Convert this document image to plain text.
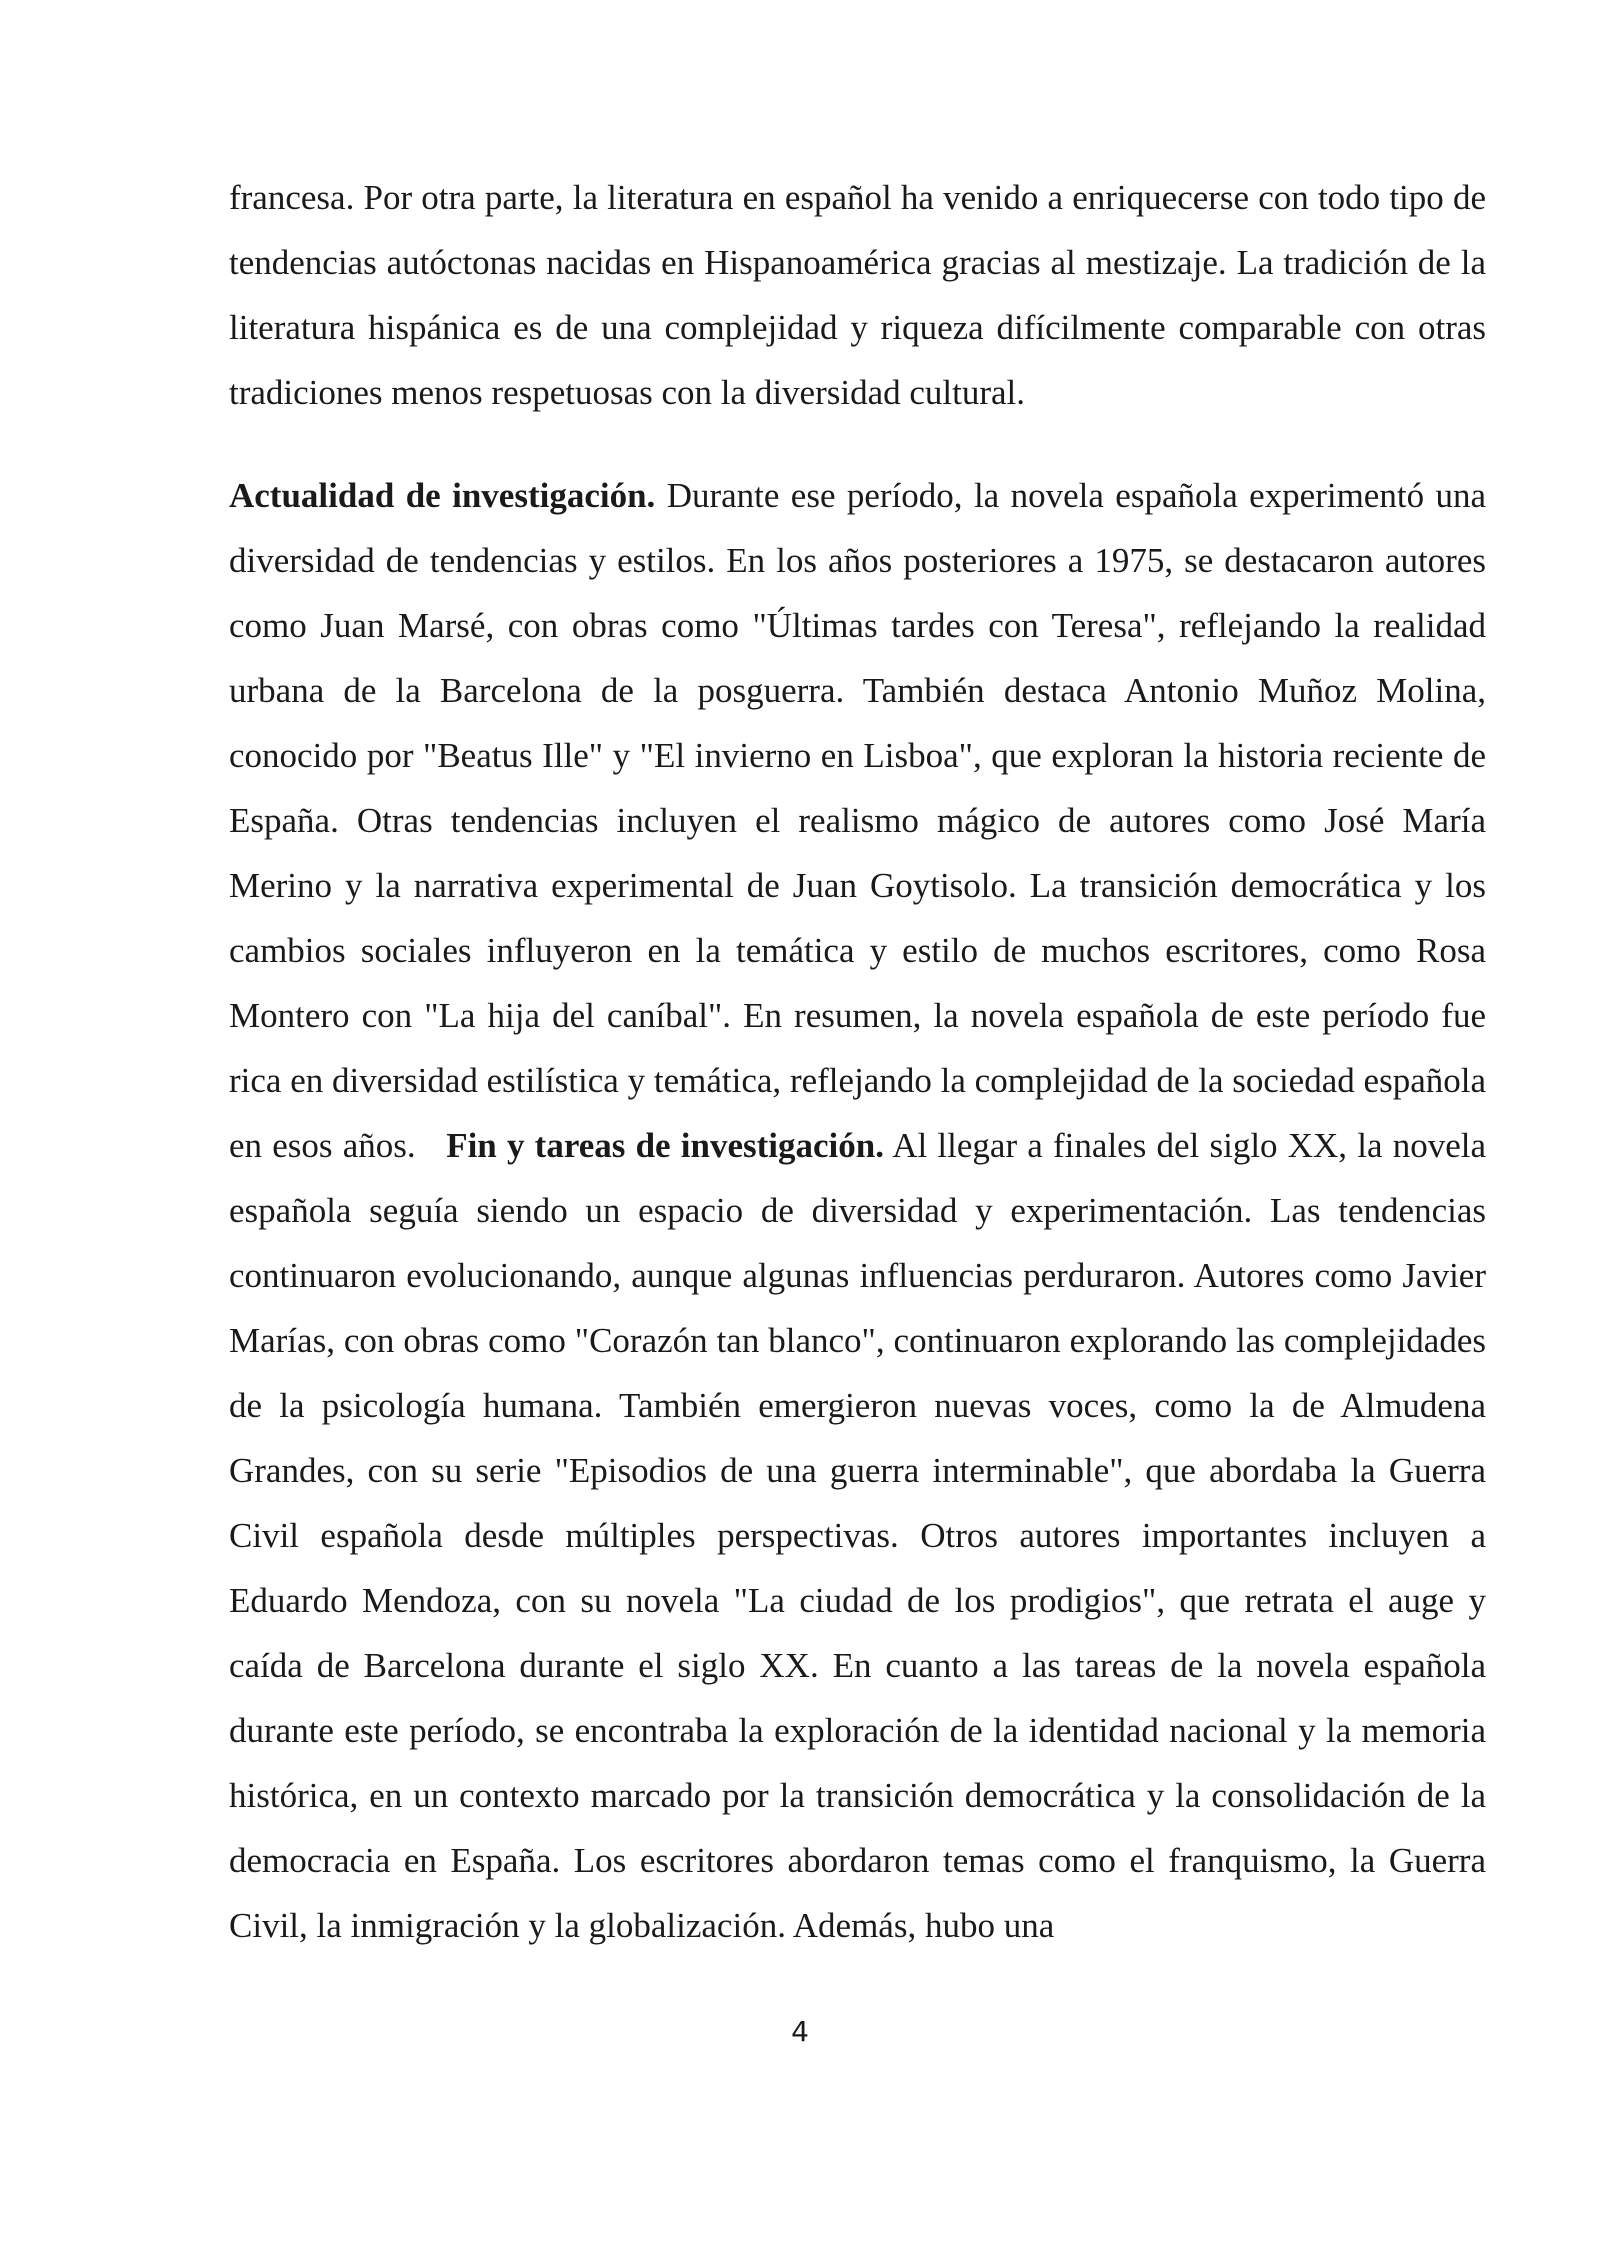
francesa. Por otra parte, la literatura en español ha venido a enriquecerse con todo tipo de tendencias autóctonas nacidas en Hispanoamérica gracias al mestizaje. La tradición de la literatura hispánica es de una complejidad y riqueza difícilmente comparable con otras tradiciones menos respetuosas con la diversidad cultural.

Actualidad de investigación. Durante ese período, la novela española experimentó una diversidad de tendencias y estilos. En los años posteriores a 1975, se destacaron autores como Juan Marsé, con obras como "Últimas tardes con Teresa", reflejando la realidad urbana de la Barcelona de la posguerra. También destaca Antonio Muñoz Molina, conocido por "Beatus Ille" y "El invierno en Lisboa", que exploran la historia reciente de España. Otras tendencias incluyen el realismo mágico de autores como José María Merino y la narrativa experimental de Juan Goytisolo. La transición democrática y los cambios sociales influyeron en la temática y estilo de muchos escritores, como Rosa Montero con "La hija del caníbal". En resumen, la novela española de este período fue rica en diversidad estilística y temática, reflejando la complejidad de la sociedad española en esos años. Fin y tareas de investigación. Al llegar a finales del siglo XX, la novela española seguía siendo un espacio de diversidad y experimentación. Las tendencias continuaron evolucionando, aunque algunas influencias perduraron. Autores como Javier Marías, con obras como "Corazón tan blanco", continuaron explorando las complejidades de la psicología humana. También emergieron nuevas voces, como la de Almudena Grandes, con su serie "Episodios de una guerra interminable", que abordaba la Guerra Civil española desde múltiples perspectivas. Otros autores importantes incluyen a Eduardo Mendoza, con su novela "La ciudad de los prodigios", que retrata el auge y caída de Barcelona durante el siglo XX. En cuanto a las tareas de la novela española durante este período, se encontraba la exploración de la identidad nacional y la memoria histórica, en un contexto marcado por la transición democrática y la consolidación de la democracia en España. Los escritores abordaron temas como el franquismo, la Guerra Civil, la inmigración y la globalización. Además, hubo una

4
